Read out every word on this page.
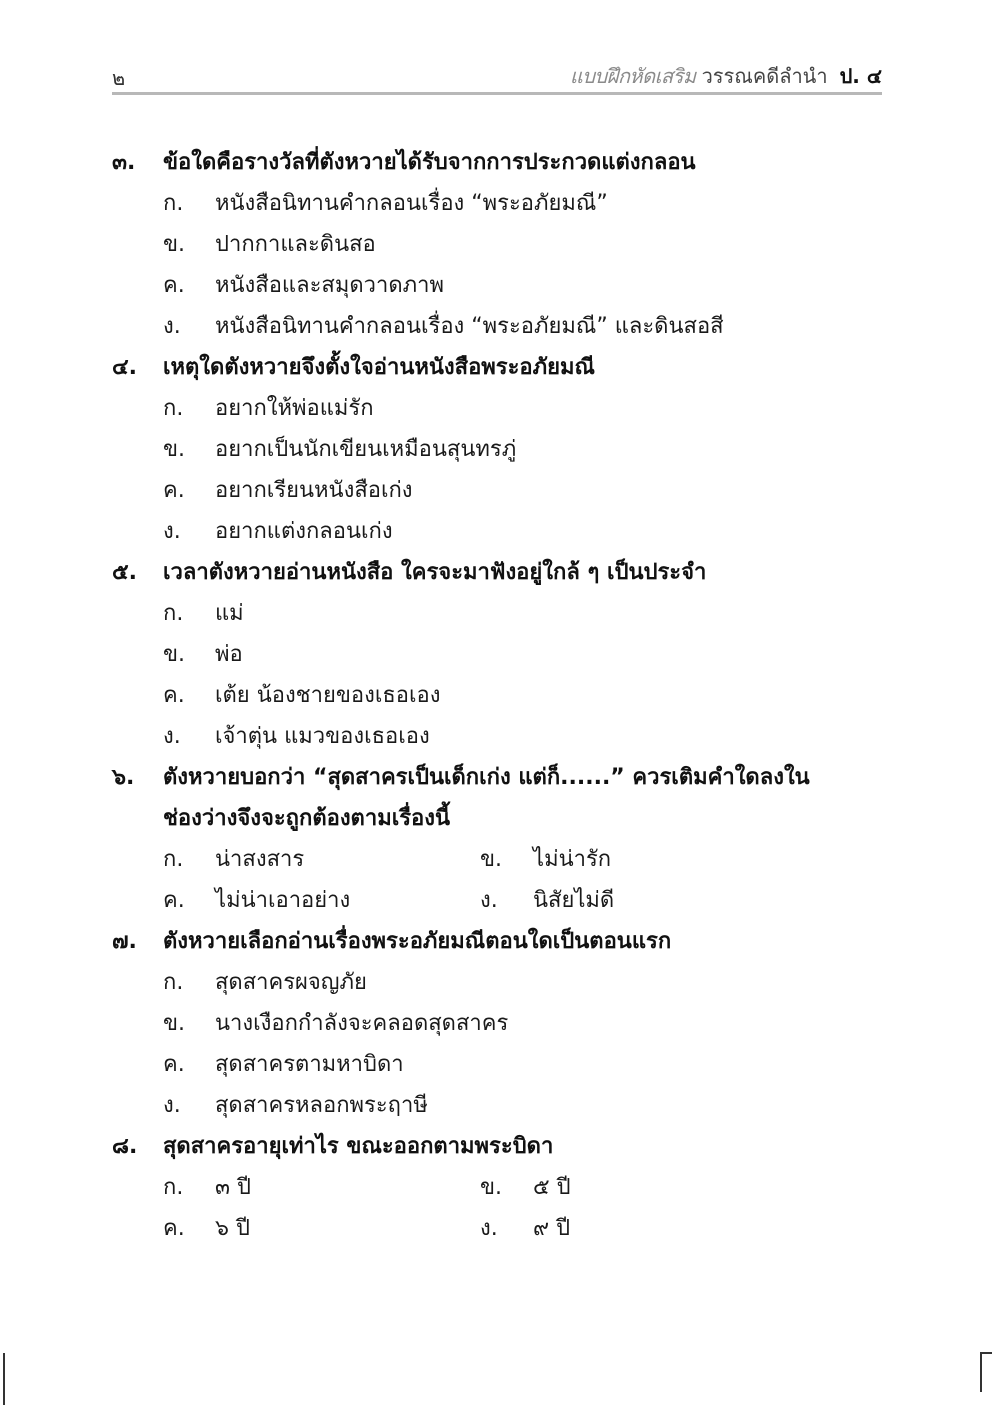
๒	แบบฝึกหัดเสริม วรรณคดีลำนำ ป. ๔
๓. ข้อใดคือรางวัลที่ตังหวายได้รับจากการประกวดแต่งกลอน
ก. หนังสือนิทานคำกลอนเรื่อง “พระอภัยมณี”
ข. ปากกาและดินสอ
ค. หนังสือและสมุดวาดภาพ
ง. หนังสือนิทานคำกลอนเรื่อง “พระอภัยมณี” และดินสอสี
๔. เหตุใดตังหวายจึงตั้งใจอ่านหนังสือพระอภัยมณี
ก. อยากให้พ่อแม่รัก
ข. อยากเป็นนักเขียนเหมือนสุนทรภู่
ค. อยากเรียนหนังสือเก่ง
ง. อยากแต่งกลอนเก่ง
๕. เวลาตังหวายอ่านหนังสือ ใครจะมาฟังอยู่ใกล้ ๆ เป็นประจำ
ก. แม่
ข. พ่อ
ค. เต้ย น้องชายของเธอเอง
ง. เจ้าตุ่น แมวของเธอเอง
๖. ตังหวายบอกว่า “สุดสาครเป็นเด็กเก่ง แต่ก็......” ควรเติมคำใดลงใน
ช่องว่างจึงจะถูกต้องตามเรื่องนี้
ก. น่าสงสาร	ข. ไม่น่ารัก
ค. ไม่น่าเอาอย่าง	ง. นิสัยไม่ดี
๗. ตังหวายเลือกอ่านเรื่องพระอภัยมณีตอนใดเป็นตอนแรก
ก. สุดสาครผจญภัย
ข. นางเงือกกำลังจะคลอดสุดสาคร
ค. สุดสาครตามหาบิดา
ง. สุดสาครหลอกพระฤาษี
๘. สุดสาครอายุเท่าไร ขณะออกตามพระบิดา
ก. ๓ ปี	ข. ๕ ปี
ค. ๖ ปี	ง. ๙ ปี
